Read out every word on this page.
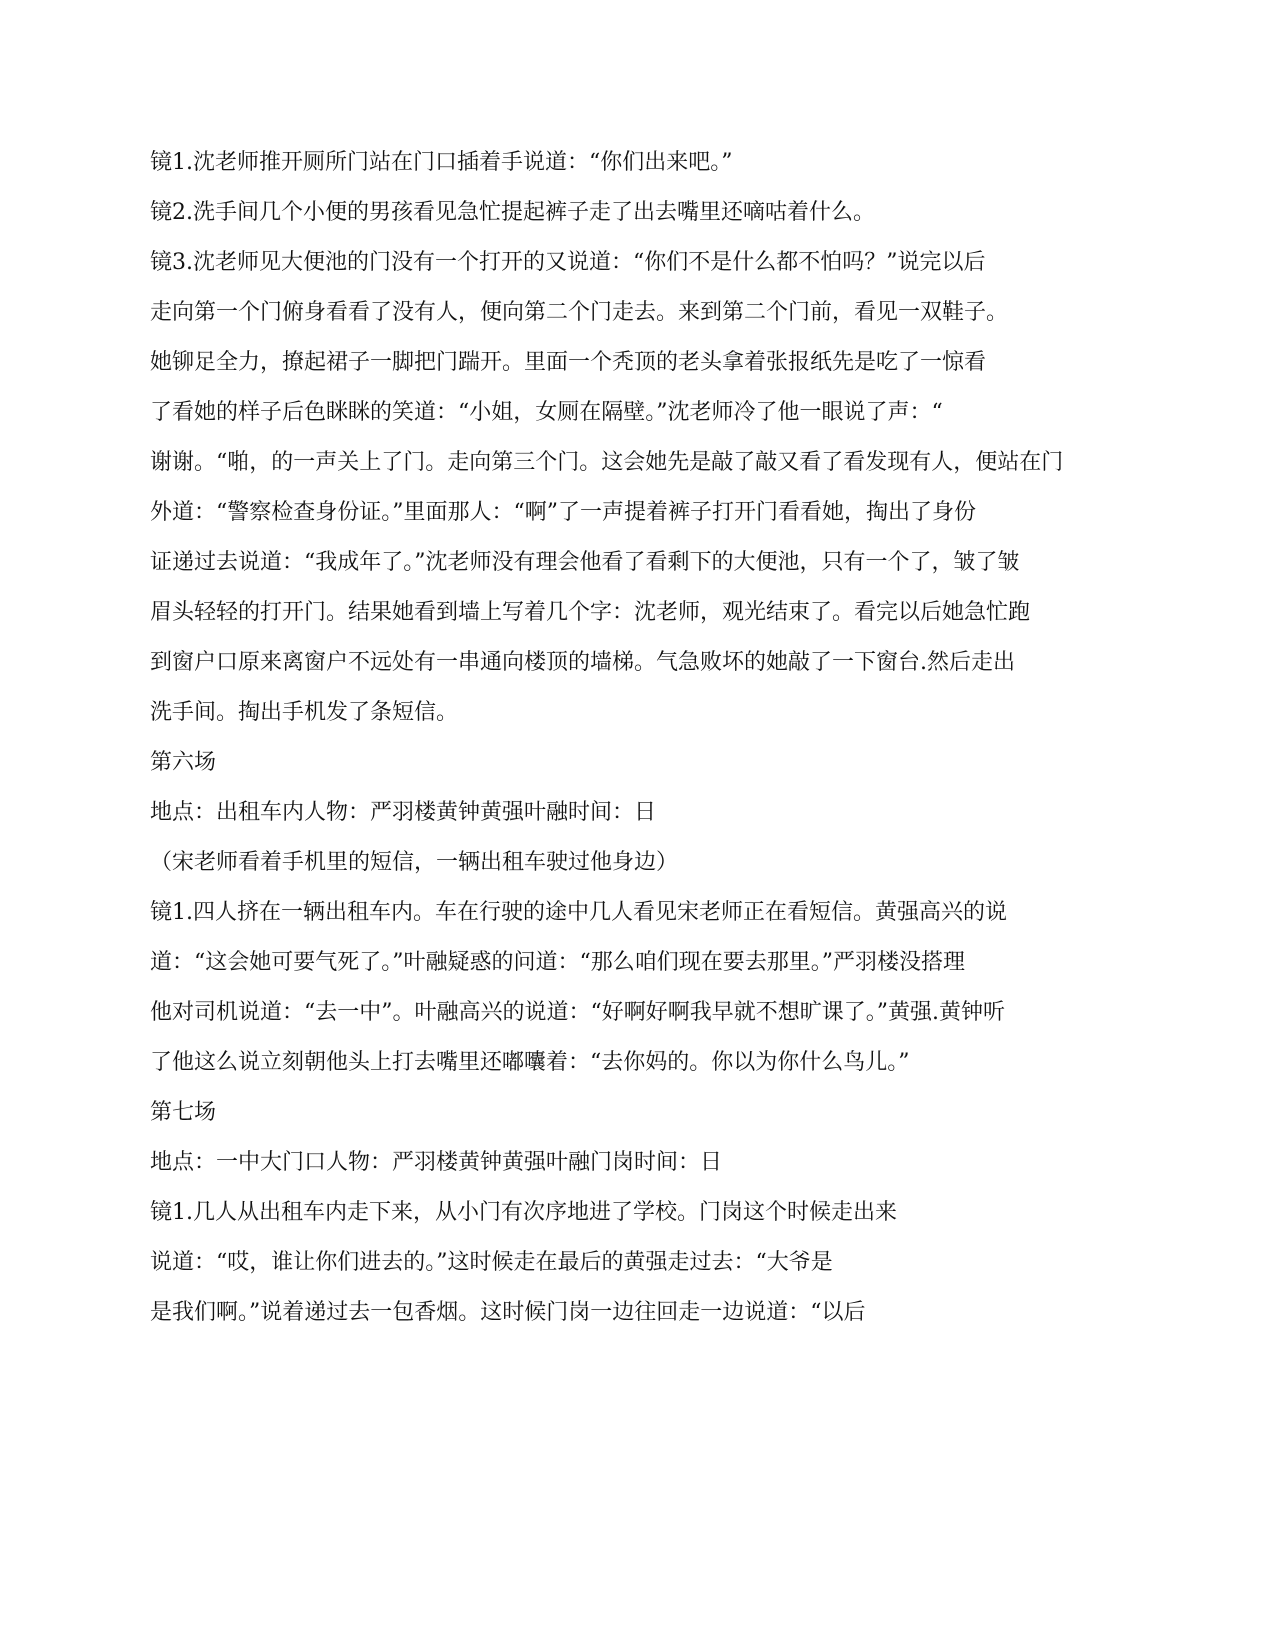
镜1.沈老师推开厕所门站在门口插着手说道：“你们出来吧。”

镜2.洗手间几个小便的男孩看见急忙提起裤子走了出去嘴里还嘀咕着什么。

镜3.沈老师见大便池的门没有一个打开的又说道：“你们不是什么都不怕吗？”说完以后

走向第一个门俯身看看了没有人，便向第二个门走去。来到第二个门前，看见一双鞋子。

她铆足全力，撩起裙子一脚把门踹开。里面一个秃顶的老头拿着张报纸先是吃了一惊看

了看她的样子后色眯眯的笑道：“小姐，女厕在隔壁。”沈老师冷了他一眼说了声：“

谢谢。“啪，的一声关上了门。走向第三个门。这会她先是敲了敲又看了看发现有人，便站在门

外道：“警察检查身份证。”里面那人：“啊”了一声提着裤子打开门看看她，掏出了身份

证递过去说道：“我成年了。”沈老师没有理会他看了看剩下的大便池，只有一个了，皱了皱

眉头轻轻的打开门。结果她看到墙上写着几个字：沈老师，观光结束了。看完以后她急忙跑

到窗户口原来离窗户不远处有一串通向楼顶的墙梯。气急败坏的她敲了一下窗台.然后走出

洗手间。掏出手机发了条短信。

第六场

地点：出租车内人物：严羽楼黄钟黄强叶融时间：日

（宋老师看着手机里的短信，一辆出租车驶过他身边）

镜1.四人挤在一辆出租车内。车在行驶的途中几人看见宋老师正在看短信。黄强高兴的说

道：“这会她可要气死了。”叶融疑惑的问道：“那么咱们现在要去那里。”严羽楼没搭理

他对司机说道：“去一中”。叶融高兴的说道：“好啊好啊我早就不想旷课了。”黄强.黄钟听

了他这么说立刻朝他头上打去嘴里还嘟囔着：“去你妈的。你以为你什么鸟儿。”

第七场

地点：一中大门口人物：严羽楼黄钟黄强叶融门岗时间：日

镜1.几人从出租车内走下来，从小门有次序地进了学校。门岗这个时候走出来

说道：“哎，谁让你们进去的。”这时候走在最后的黄强走过去：“大爷是

是我们啊。”说着递过去一包香烟。这时候门岗一边往回走一边说道：“以后
